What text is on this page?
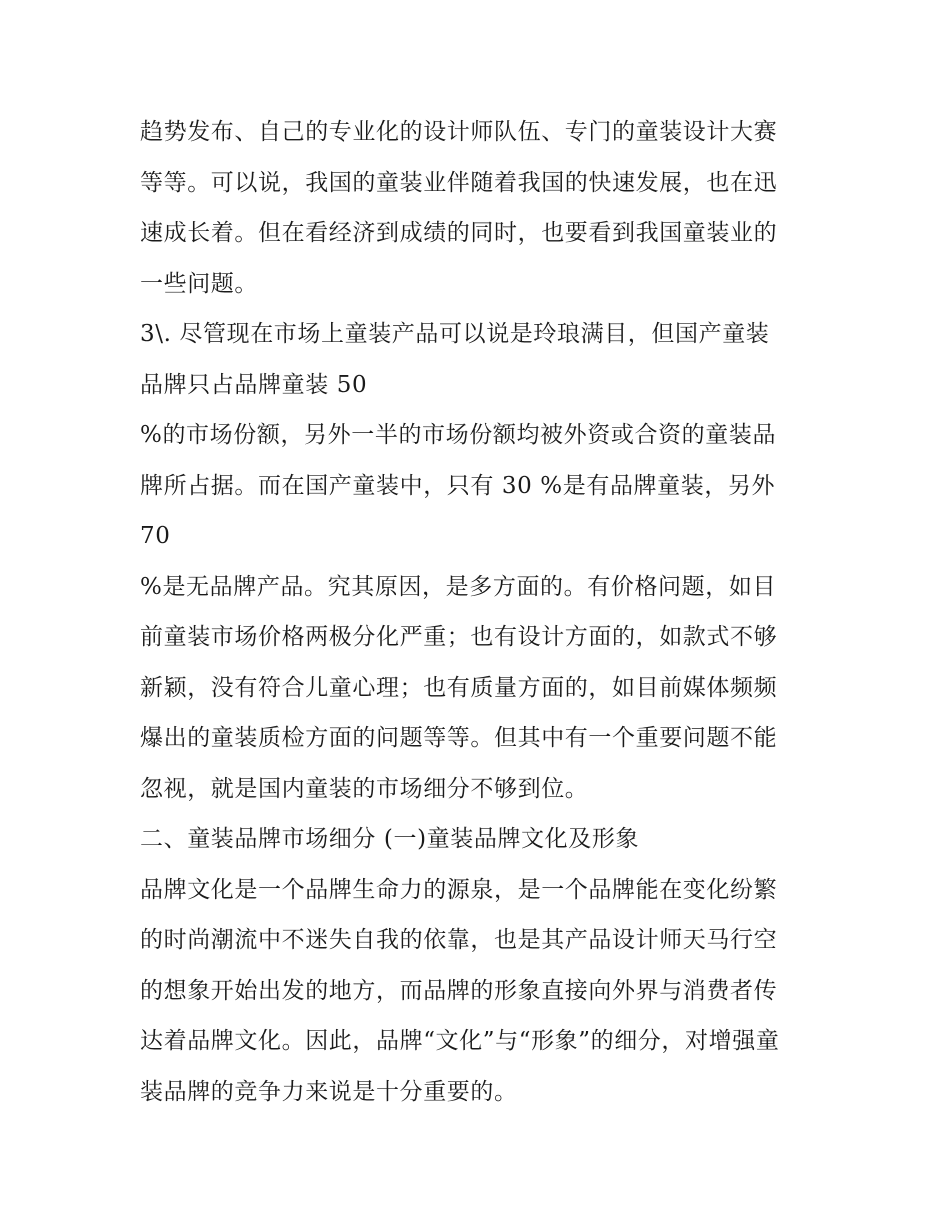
趋势发布、自己的专业化的设计师队伍、专门的童装设计大赛
等等。可以说，我国的童装业伴随着我国的快速发展，也在迅
速成长着。但在看经济到成绩的同时，也要看到我国童装业的
一些问题。
3\. 尽管现在市场上童装产品可以说是玲琅满目，但国产童装
品牌只占品牌童装 50
%的市场份额，另外一半的市场份额均被外资或合资的童装品
牌所占据。而在国产童装中，只有 30 %是有品牌童装，另外
70
%是无品牌产品。究其原因，是多方面的。有价格问题，如目
前童装市场价格两极分化严重；也有设计方面的，如款式不够
新颖，没有符合儿童心理；也有质量方面的，如目前媒体频频
爆出的童装质检方面的问题等等。但其中有一个重要问题不能
忽视，就是国内童装的市场细分不够到位。
二、童装品牌市场细分 (一)童装品牌文化及形象
品牌文化是一个品牌生命力的源泉，是一个品牌能在变化纷繁
的时尚潮流中不迷失自我的依靠，也是其产品设计师天马行空
的想象开始出发的地方，而品牌的形象直接向外界与消费者传
达着品牌文化。因此，品牌“文化”与“形象”的细分，对增强童
装品牌的竞争力来说是十分重要的。
